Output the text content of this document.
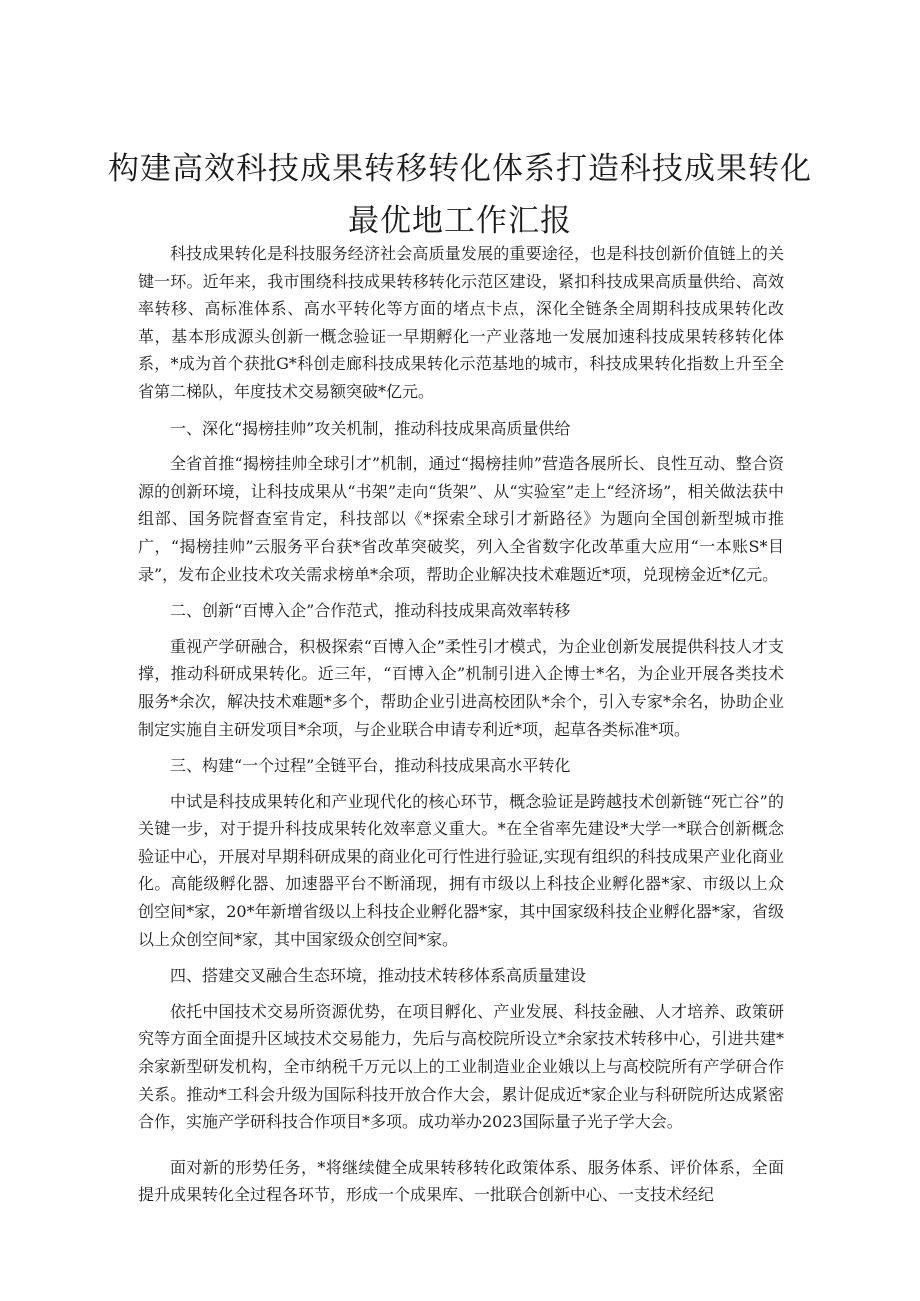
构建高效科技成果转移转化体系打造科技成果转化
最优地工作汇报

科技成果转化是科技服务经济社会高质量发展的重要途径，也是科技创新价值链上的关键一环。近年来，我市围绕科技成果转移转化示范区建设，紧扣科技成果高质量供给、高效率转移、高标准体系、高水平转化等方面的堵点卡点，深化全链条全周期科技成果转化改革，基本形成源头创新一概念验证一早期孵化一产业落地一发展加速科技成果转移转化体系，*成为首个获批G*科创走廊科技成果转化示范基地的城市，科技成果转化指数上升至全省第二梯队，年度技术交易额突破*亿元。

一、深化“揭榜挂帅”攻关机制，推动科技成果高质量供给

全省首推“揭榜挂帅全球引才”机制，通过“揭榜挂帅”营造各展所长、良性互动、整合资源的创新环境，让科技成果从“书架”走向“货架”、从“实验室”走上“经济场”，相关做法获中组部、国务院督查室肯定，科技部以《*探索全球引才新路径》为题向全国创新型城市推广，“揭榜挂帅”云服务平台获*省改革突破奖，列入全省数字化改革重大应用“一本账S*目录”，发布企业技术攻关需求榜单*余项，帮助企业解决技术难题近*项，兑现榜金近*亿元。

二、创新“百博入企”合作范式，推动科技成果高效率转移

重视产学研融合，积极探索“百博入企”柔性引才模式，为企业创新发展提供科技人才支撑，推动科研成果转化。近三年，“百博入企”机制引进入企博士*名，为企业开展各类技术服务*余次，解决技术难题*多个，帮助企业引进高校团队*余个，引入专家*余名，协助企业制定实施自主研发项目*余项，与企业联合申请专利近*项，起草各类标准*项。

三、构建“一个过程”全链平台，推动科技成果高水平转化

中试是科技成果转化和产业现代化的核心环节，概念验证是跨越技术创新链“死亡谷”的关键一步，对于提升科技成果转化效率意义重大。*在全省率先建设*大学一*联合创新概念验证中心，开展对早期科研成果的商业化可行性进行验证,实现有组织的科技成果产业化商业化。高能级孵化器、加速器平台不断涌现，拥有市级以上科技企业孵化器*家、市级以上众创空间*家，20*年新增省级以上科技企业孵化器*家，其中国家级科技企业孵化器*家，省级以上众创空间*家，其中国家级众创空间*家。

四、搭建交叉融合生态环境，推动技术转移体系高质量建设

依托中国技术交易所资源优势，在项目孵化、产业发展、科技金融、人才培养、政策研究等方面全面提升区域技术交易能力，先后与高校院所设立*余家技术转移中心，引进共建*余家新型研发机构，全市纳税千万元以上的工业制造业企业娥以上与高校院所有产学研合作关系。推动*工科会升级为国际科技开放合作大会，累计促成近*家企业与科研院所达成紧密合作，实施产学研科技合作项目*多项。成功举办2023国际量子光子学大会。

面对新的形势任务，*将继续健全成果转移转化政策体系、服务体系、评价体系，全面提升成果转化全过程各环节，形成一个成果库、一批联合创新中心、一支技术经纪
